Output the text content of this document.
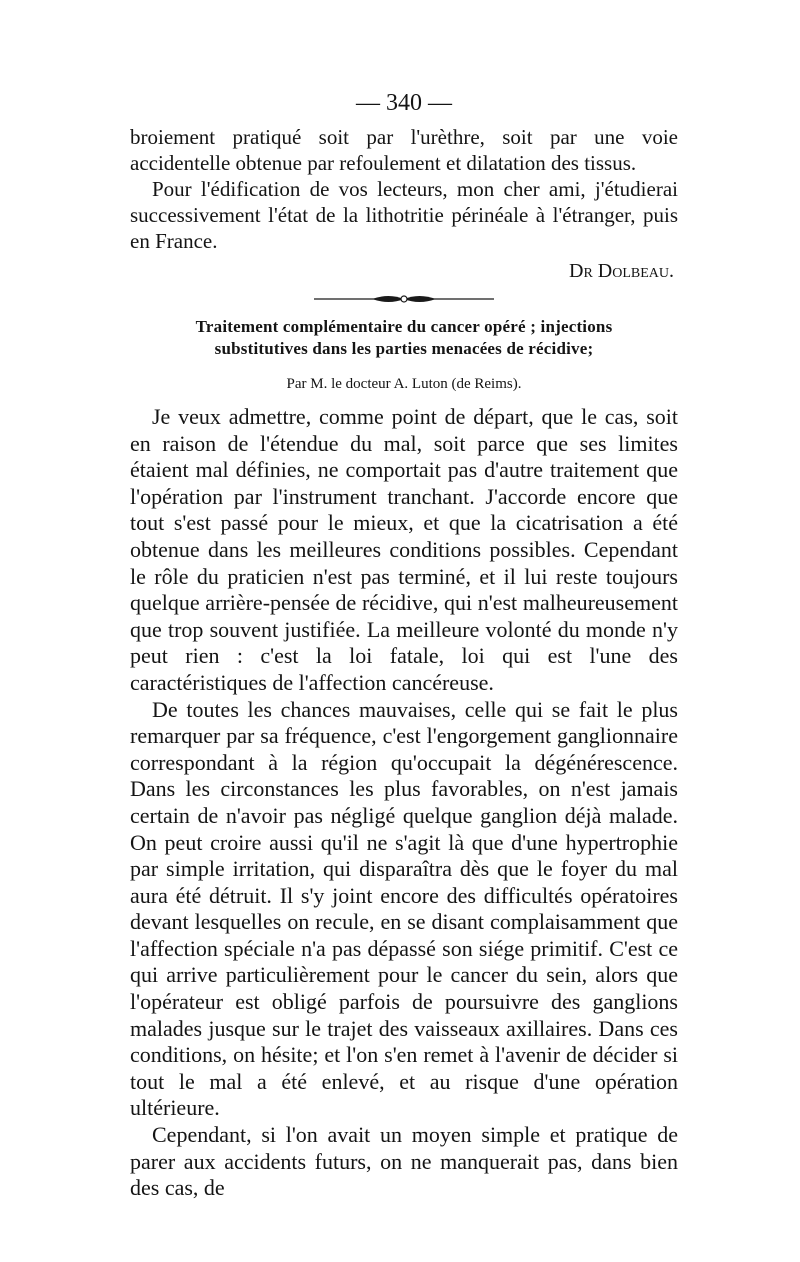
— 340 —

broiement pratiqué soit par l'urèthre, soit par une voie accidentelle obtenue par refoulement et dilatation des tissus.

Pour l'édification de vos lecteurs, mon cher ami, j'étudierai successivement l'état de la lithotritie périnéale à l'étranger, puis en France.

Dr Dolbeau.

Traitement complémentaire du cancer opéré ; injections
substitutives dans les parties menacées de récidive;
Par M. le docteur A. Luton (de Reims).

Je veux admettre, comme point de départ, que le cas, soit en raison de l'étendue du mal, soit parce que ses limites étaient mal définies, ne comportait pas d'autre traitement que l'opération par l'instrument tranchant. J'accorde encore que tout s'est passé pour le mieux, et que la cicatrisation a été obtenue dans les meilleures conditions possibles. Cependant le rôle du praticien n'est pas terminé, et il lui reste toujours quelque arrière-pensée de récidive, qui n'est malheureusement que trop souvent justifiée. La meilleure volonté du monde n'y peut rien : c'est la loi fatale, loi qui est l'une des caractéristiques de l'affection cancéreuse.

De toutes les chances mauvaises, celle qui se fait le plus remarquer par sa fréquence, c'est l'engorgement ganglionnaire correspondant à la région qu'occupait la dégénérescence. Dans les circonstances les plus favorables, on n'est jamais certain de n'avoir pas négligé quelque ganglion déjà malade. On peut croire aussi qu'il ne s'agit là que d'une hypertrophie par simple irritation, qui disparaîtra dès que le foyer du mal aura été détruit. Il s'y joint encore des difficultés opératoires devant lesquelles on recule, en se disant complaisamment que l'affection spéciale n'a pas dépassé son siége primitif. C'est ce qui arrive particulièrement pour le cancer du sein, alors que l'opérateur est obligé parfois de poursuivre des ganglions malades jusque sur le trajet des vaisseaux axillaires. Dans ces conditions, on hésite; et l'on s'en remet à l'avenir de décider si tout le mal a été enlevé, et au risque d'une opération ultérieure.

Cependant, si l'on avait un moyen simple et pratique de parer aux accidents futurs, on ne manquerait pas, dans bien des cas, de
